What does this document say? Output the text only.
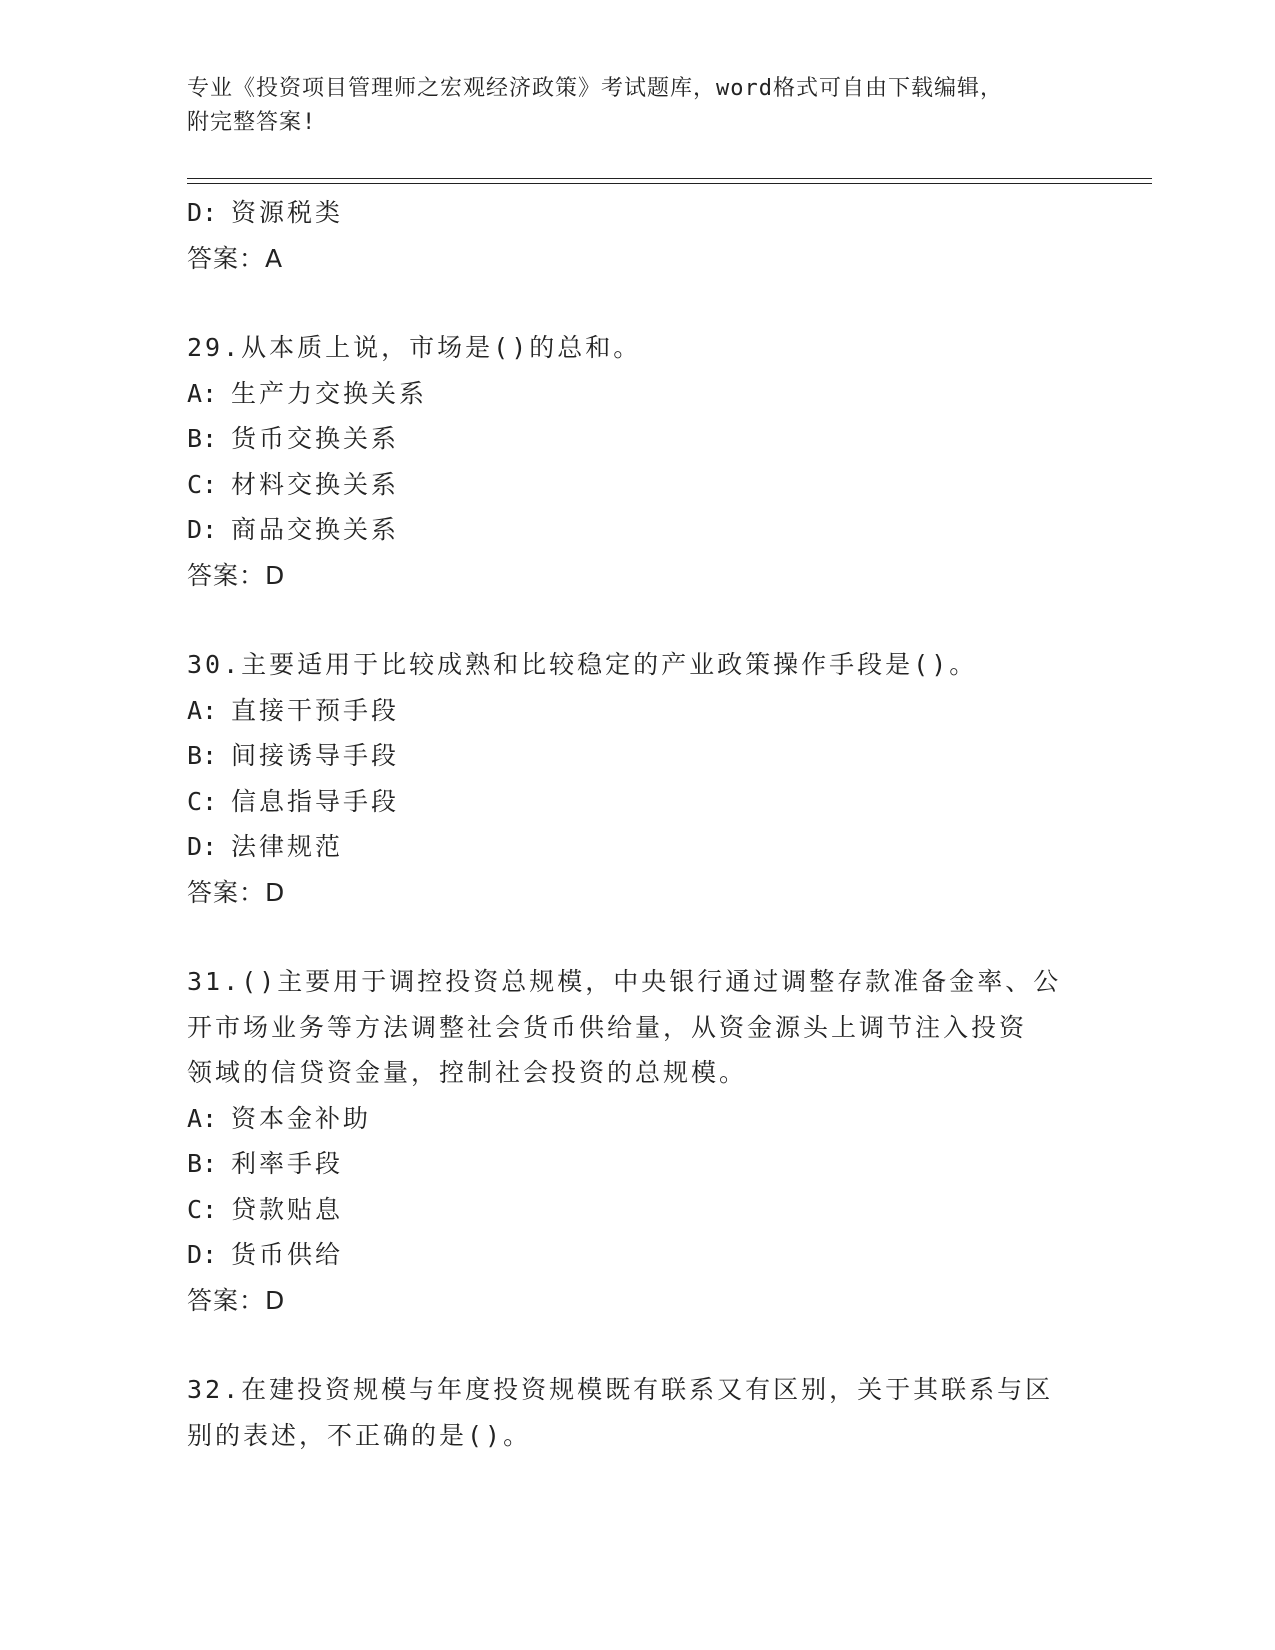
专业《投资项目管理师之宏观经济政策》考试题库，word格式可自由下载编辑，
附完整答案!
D: 资源税类
答案：A
29.从本质上说，市场是()的总和。
A: 生产力交换关系
B: 货币交换关系
C: 材料交换关系
D: 商品交换关系
答案：D
30.主要适用于比较成熟和比较稳定的产业政策操作手段是()。
A: 直接干预手段
B: 间接诱导手段
C: 信息指导手段
D: 法律规范
答案：D
31.()主要用于调控投资总规模，中央银行通过调整存款准备金率、公
开市场业务等方法调整社会货币供给量，从资金源头上调节注入投资
领域的信贷资金量，控制社会投资的总规模。
A: 资本金补助
B: 利率手段
C: 贷款贴息
D: 货币供给
答案：D
32.在建投资规模与年度投资规模既有联系又有区别，关于其联系与区
别的表述，不正确的是()。
